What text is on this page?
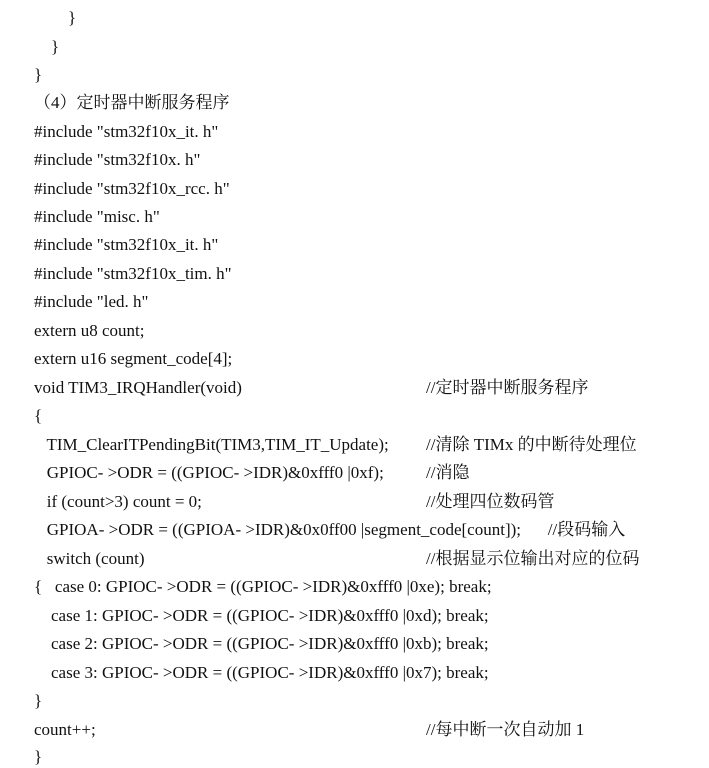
}
}
}
（4）定时器中断服务程序
#include "stm32f10x_it. h"
#include "stm32f10x. h"
#include "stm32f10x_rcc. h"
#include "misc. h"
#include "stm32f10x_it. h"
#include "stm32f10x_tim. h"
#include "led. h"
extern u8 count;
extern u16 segment_code[4];
void TIM3_IRQHandler(void)	//定时器中断服务程序
{
TIM_ClearITPendingBit(TIM3,TIM_IT_Update); //清除 TIMx 的中断待处理位
GPIOC- >ODR = ((GPIOC- >IDR)&0xfff0 |0xf); //消隐
if (count>3) count = 0;	//处理四位数码管
GPIOA- >ODR = ((GPIOA- >IDR)&0x0ff00 |segment_code[count]); //段码输入
switch (count)	//根据显示位输出对应的位码
{   case 0: GPIOC- >ODR = ((GPIOC- >IDR)&0xfff0 |0xe); break;
case 1: GPIOC- >ODR = ((GPIOC- >IDR)&0xfff0 |0xd); break;
case 2: GPIOC- >ODR = ((GPIOC- >IDR)&0xfff0 |0xb); break;
case 3: GPIOC- >ODR = ((GPIOC- >IDR)&0xfff0 |0x7); break;
}
count++;	//每中断一次自动加 1
}
